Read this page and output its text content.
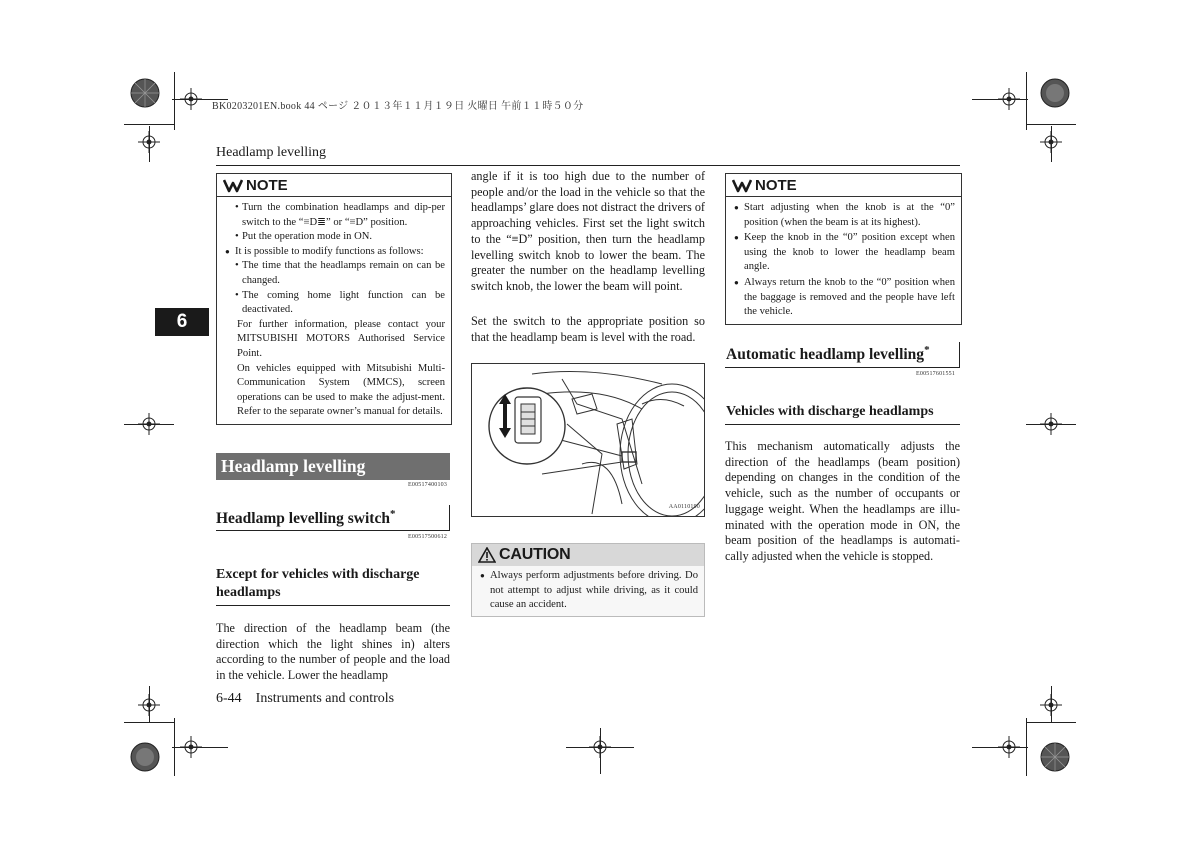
BK0203201EN.book 44 ページ ２０１３年１１月１９日 火曜日 午前１１時５０分
Headlamp levelling
6
NOTE

• Turn the combination headlamps and dip-per switch to the “≡D≣” or “≡D” position.

• Put the operation mode in ON.

● It is possible to modify functions as follows:

• The time that the headlamps remain on can be changed.

• The coming home light function can be deactivated.

For further information, please contact your MITSUBISHI MOTORS Authorised Service Point.

On vehicles equipped with Mitsubishi Multi-Communication System (MMCS), screen operations can be used to make the adjust-ment. Refer to the separate owner’s manual for details.

Headlamp levelling
E00517400103
Headlamp levelling switch*
E00517500612
Except for vehicles with discharge headlamps
The direction of the headlamp beam (the direction which the light shines in) alters according to the number of people and the load in the vehicle. Lower the headlamp
6-44 Instruments and controls
angle if it is too high due to the number of people and/or the load in the vehicle so that the headlamps’ glare does not distract the drivers of approaching vehicles. First set the light switch to the “≡D” position, then turn the headlamp levelling switch knob to lower the beam. The greater the number on the headlamp levelling switch knob, the lower the beam will point.
Set the switch to the appropriate position so that the headlamp beam is level with the road.
AA0110190
CAUTION

● Always perform adjustments before driving. Do not attempt to adjust while driving, as it could cause an accident.

NOTE

● Start adjusting when the knob is at the “0” position (when the beam is at its highest).

● Keep the knob in the “0” position except when using the knob to lower the headlamp beam angle.

● Always return the knob to the “0” position when the baggage is removed and the people have left the vehicle.

Automatic headlamp levelling*
E00517601551
Vehicles with discharge headlamps
This mechanism automatically adjusts the direction of the headlamps (beam position) depending on changes in the condition of the vehicle, such as the number of occupants or luggage weight. When the headlamps are illu-minated with the operation mode in ON, the beam position of the headlamps is automati-cally adjusted when the vehicle is stopped.
